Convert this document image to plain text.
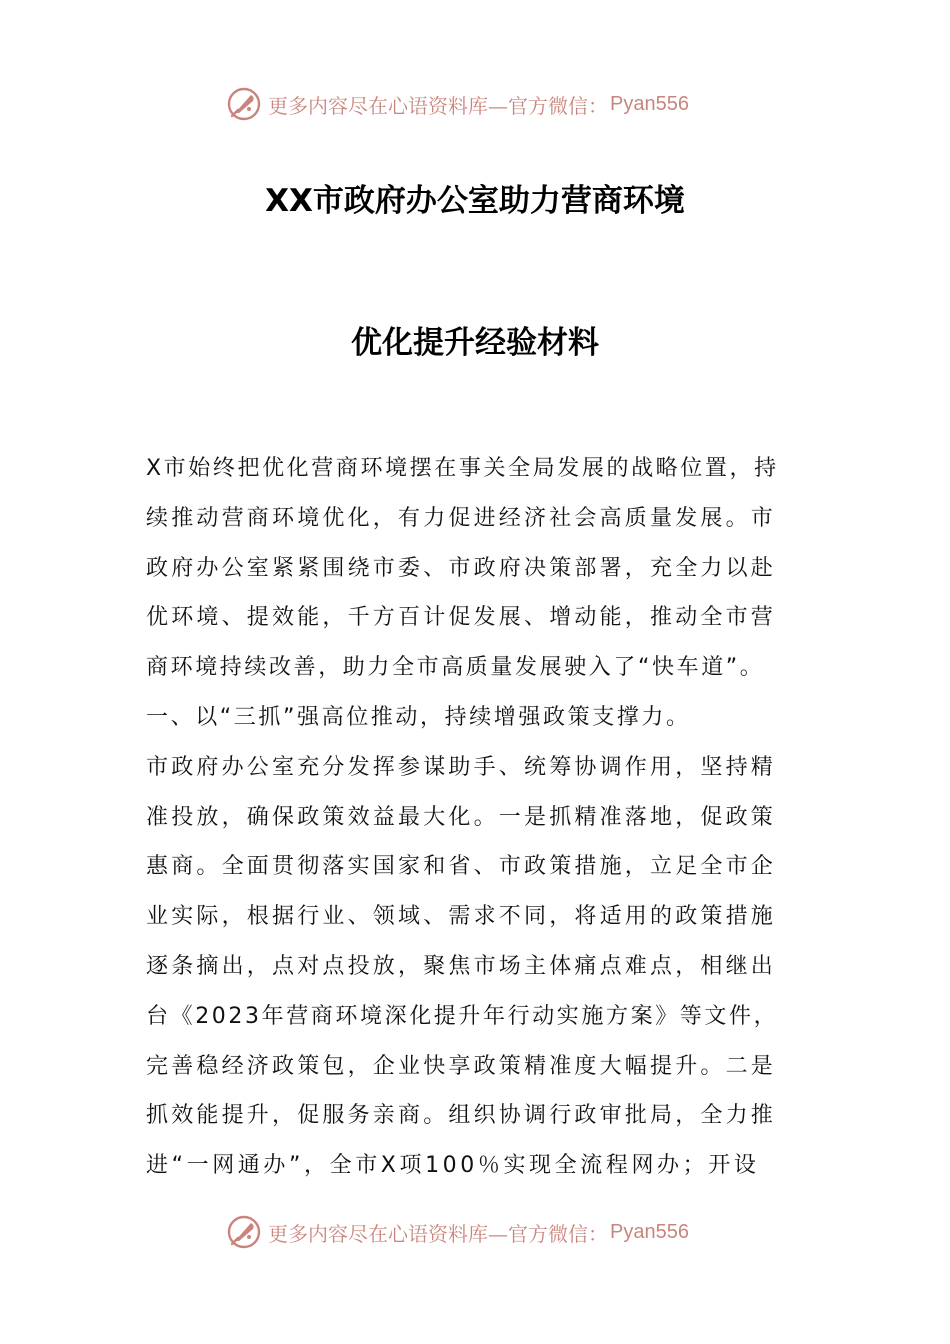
更多内容尽在心语资料库—官方微信： Pyan556
XX市政府办公室助力营商环境
优化提升经验材料
X市始终把优化营商环境摆在事关全局发展的战略位置，持
续推动营商环境优化，有力促进经济社会高质量发展。市
政府办公室紧紧围绕市委、市政府决策部署，充全力以赴
优环境、提效能，千方百计促发展、增动能，推动全市营
商环境持续改善，助力全市高质量发展驶入了“快车道”。
一、以“三抓”强高位推动，持续增强政策支撑力。
市政府办公室充分发挥参谋助手、统筹协调作用，坚持精
准投放，确保政策效益最大化。一是抓精准落地，促政策
惠商。全面贯彻落实国家和省、市政策措施，立足全市企
业实际，根据行业、领域、需求不同，将适用的政策措施
逐条摘出，点对点投放，聚焦市场主体痛点难点，相继出
台《2023年营商环境深化提升年行动实施方案》等文件，
完善稳经济政策包，企业快享政策精准度大幅提升。二是
抓效能提升，促服务亲商。组织协调行政审批局，全力推
进“一网通办”，全市X项100％实现全流程网办；开设
更多内容尽在心语资料库—官方微信： Pyan556
